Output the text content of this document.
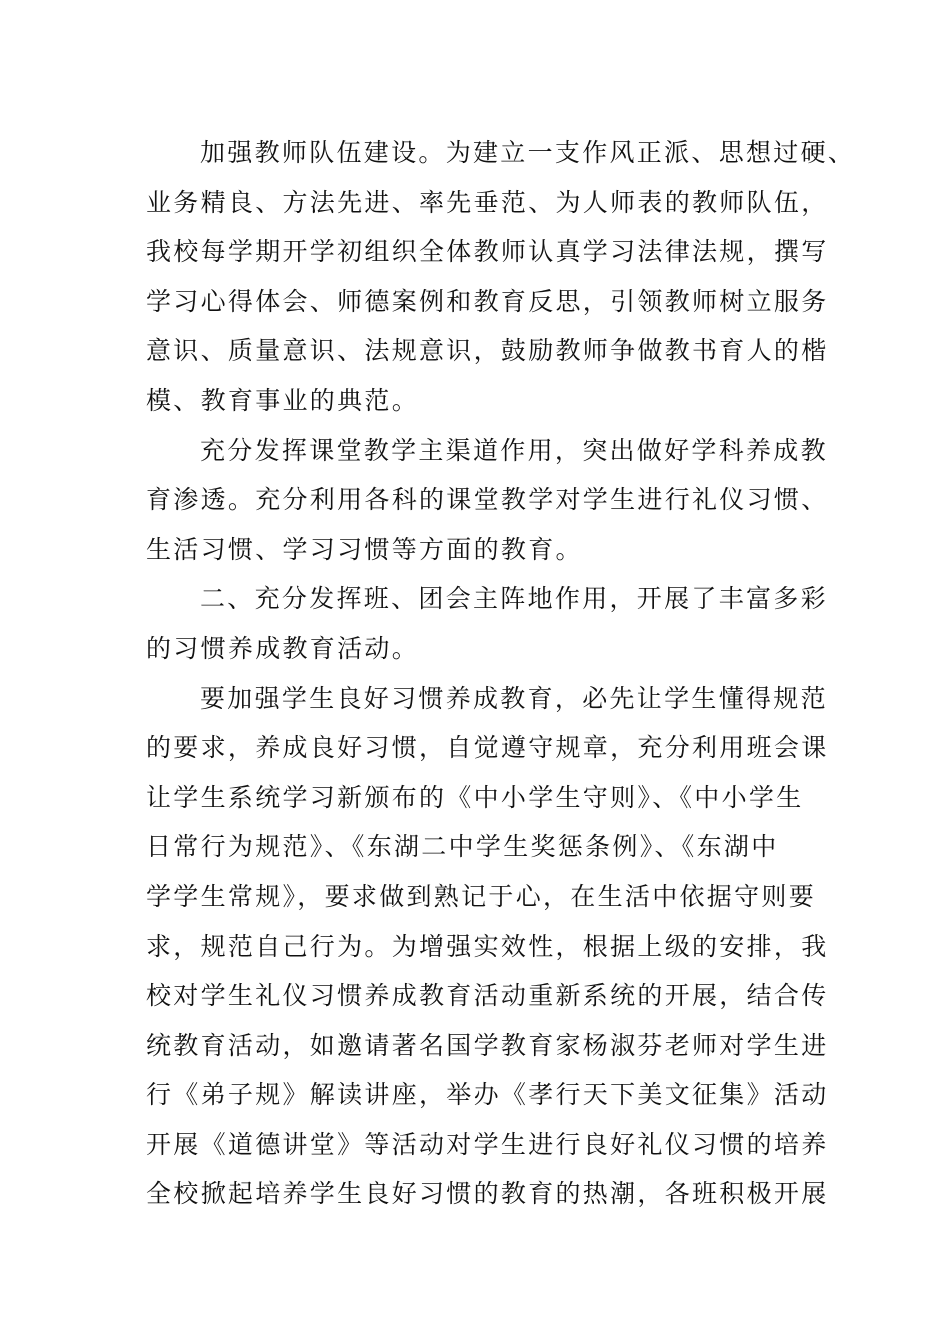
加强教师队伍建设。为建立一支作风正派、思想过硬、
业务精良、方法先进、率先垂范、为人师表的教师队伍，
我校每学期开学初组织全体教师认真学习法律法规，撰写
学习心得体会、师德案例和教育反思，引领教师树立服务
意识、质量意识、法规意识，鼓励教师争做教书育人的楷
模、教育事业的典范。
充分发挥课堂教学主渠道作用，突出做好学科养成教
育渗透。充分利用各科的课堂教学对学生进行礼仪习惯、
生活习惯、学习习惯等方面的教育。
二、充分发挥班、团会主阵地作用，开展了丰富多彩
的习惯养成教育活动。
要加强学生良好习惯养成教育，必先让学生懂得规范
的要求，养成良好习惯，自觉遵守规章，充分利用班会课
让学生系统学习新颁布的《中小学生守则》、《中小学生
日常行为规范》、《东湖二中学生奖惩条例》、《东湖中
学学生常规》，要求做到熟记于心，在生活中依据守则要
求，规范自己行为。为增强实效性，根据上级的安排，我
校对学生礼仪习惯养成教育活动重新系统的开展，结合传
统教育活动，如邀请著名国学教育家杨淑芬老师对学生进
行《弟子规》解读讲座，举办《孝行天下美文征集》活动
开展《道德讲堂》等活动对学生进行良好礼仪习惯的培养
全校掀起培养学生良好习惯的教育的热潮，各班积极开展
